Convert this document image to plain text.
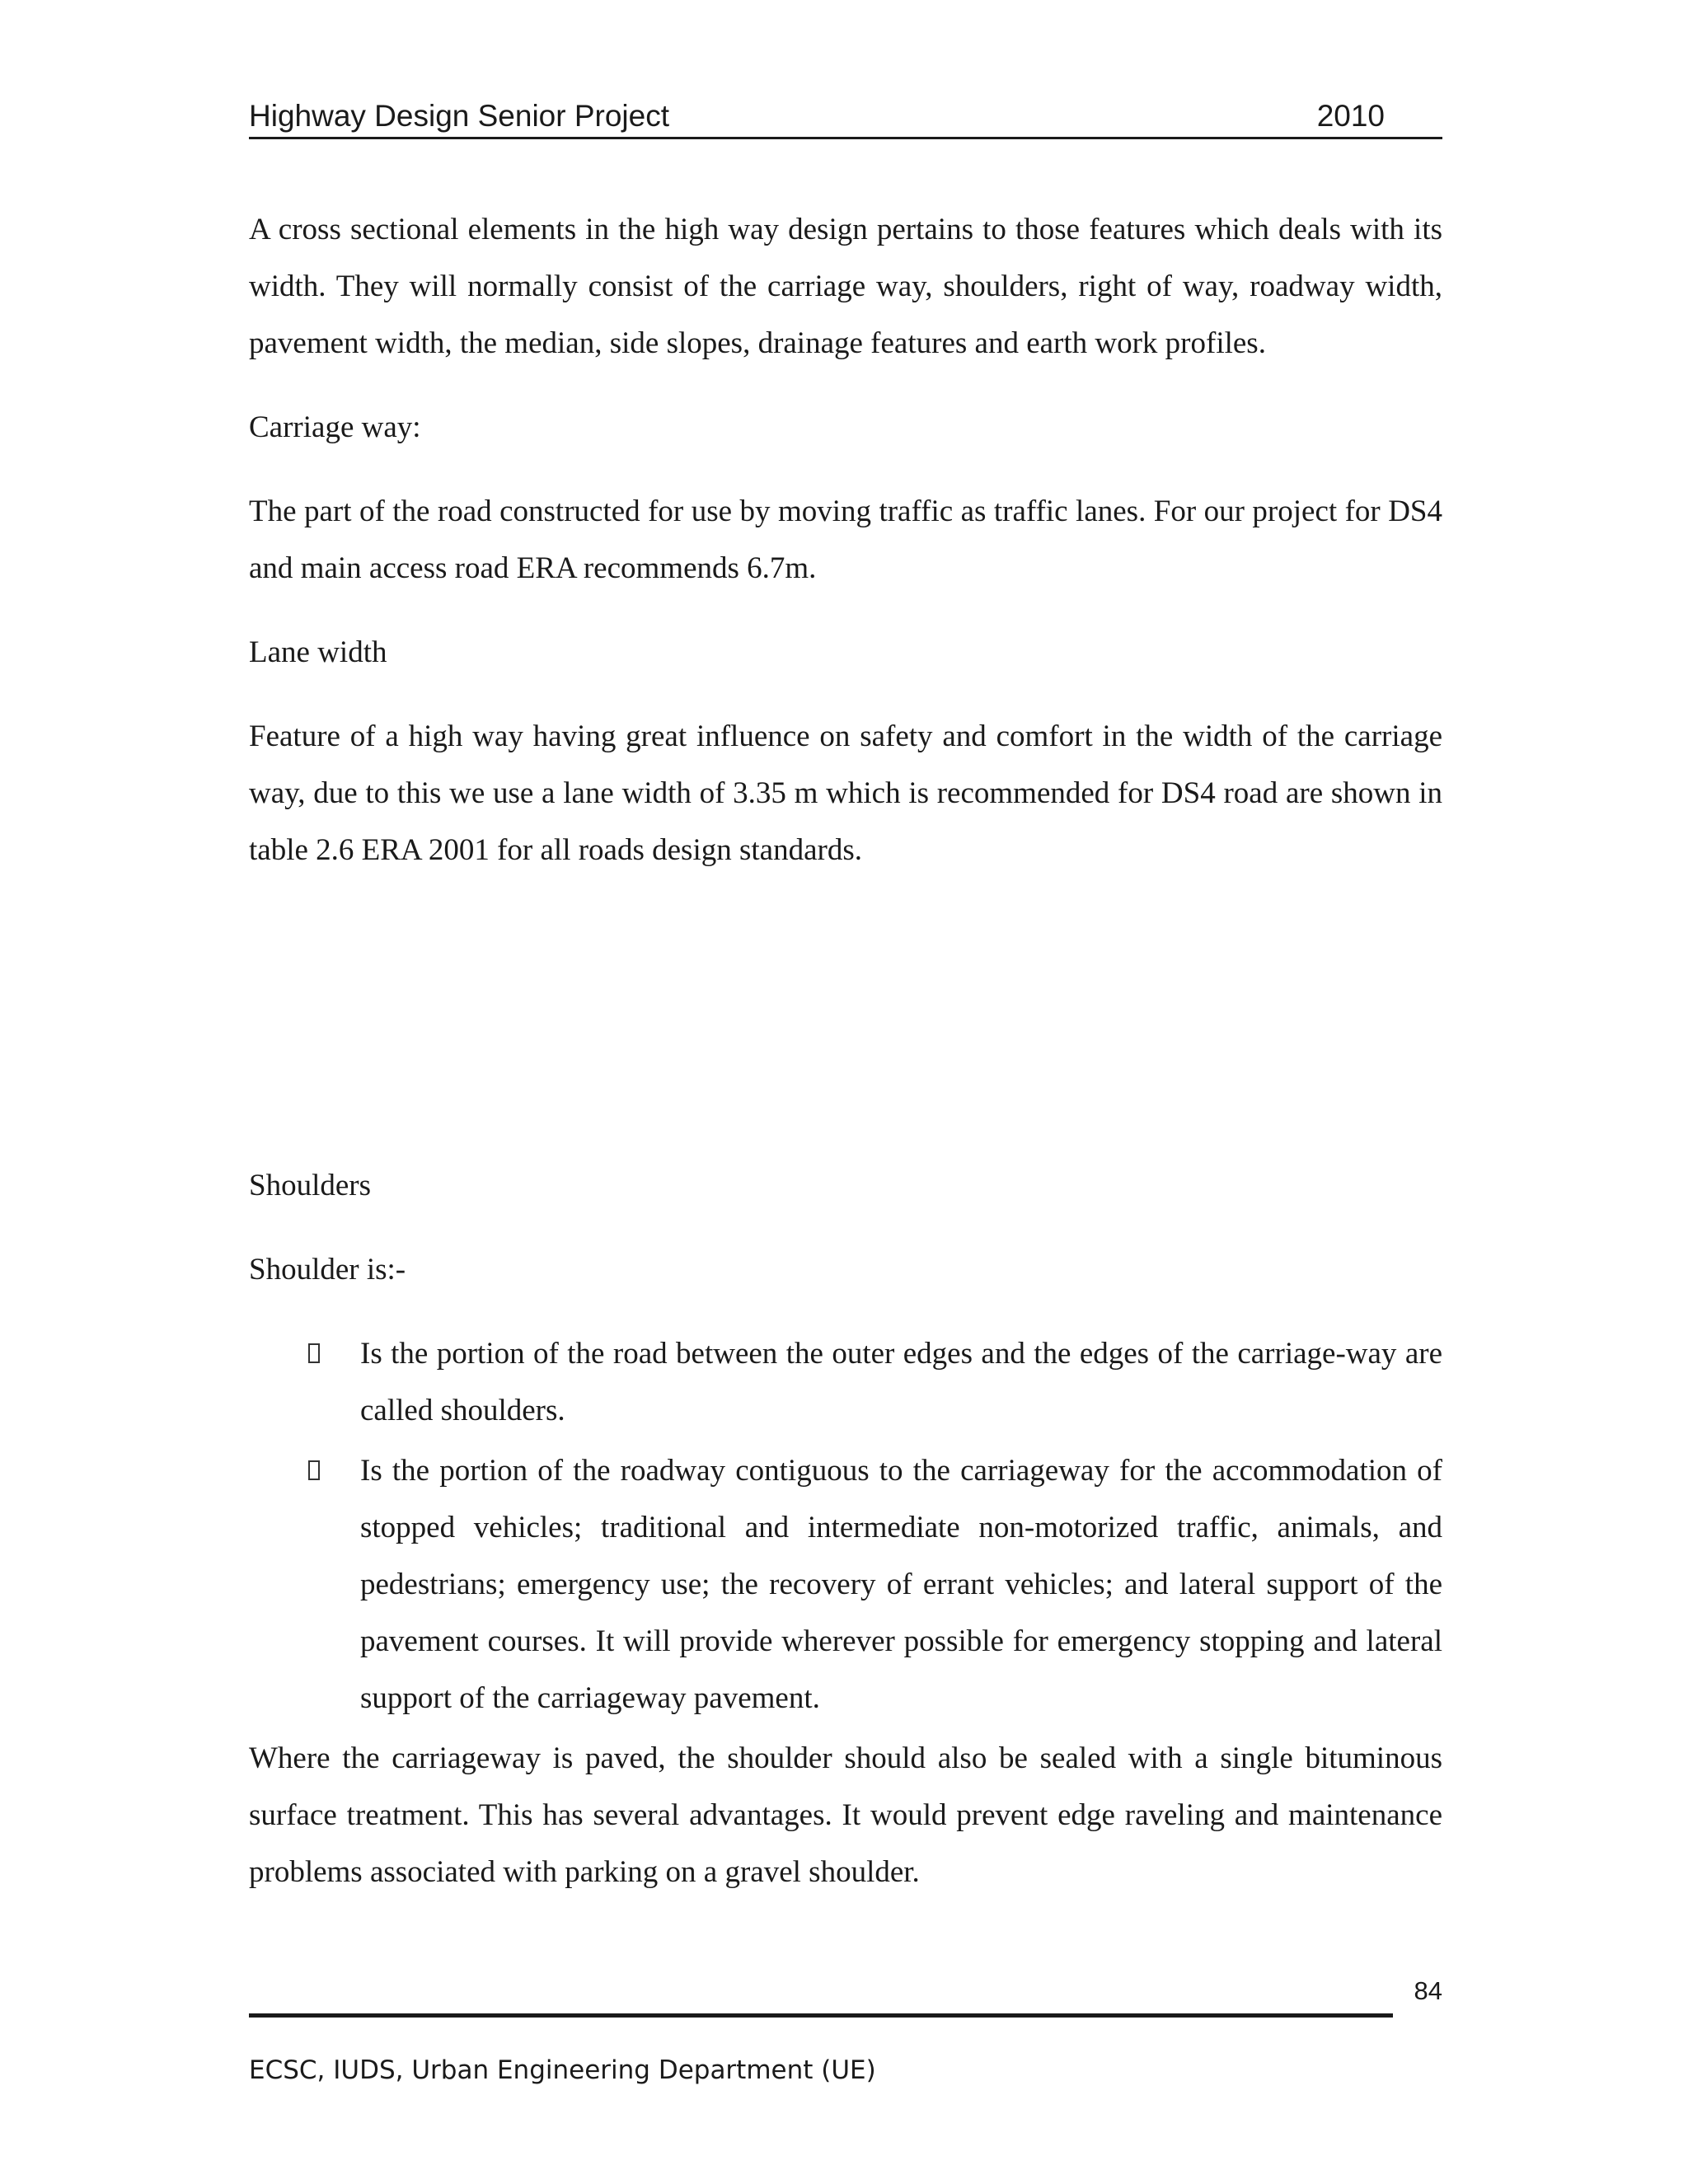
Highway Design Senior Project	2010

A cross sectional elements in the high way design pertains to those features which deals with its width. They will normally consist of the carriage way, shoulders, right of way, roadway width, pavement width, the median, side slopes, drainage features and earth work profiles.

Carriage way:

The part of the road constructed for use by moving traffic as traffic lanes. For our project for DS4 and main access road ERA recommends 6.7m.

Lane width

Feature of a high way having great influence on safety and comfort in the width of the carriage way, due to this we use a lane width of 3.35 m which is recommended for DS4 road are shown in table 2.6 ERA 2001 for all roads design standards.

Shoulders

Shoulder is:-

Is the portion of the road between the outer edges and the edges of the carriage-way are called shoulders.
Is the portion of the roadway contiguous to the carriageway for the accommodation of stopped vehicles; traditional and intermediate non-motorized traffic, animals, and pedestrians; emergency use; the recovery of errant vehicles; and lateral support of the pavement courses. It will provide wherever possible for emergency stopping and lateral support of the carriageway pavement.

Where the carriageway is paved, the shoulder should also be sealed with a single bituminous surface treatment. This has several advantages. It would prevent edge raveling and maintenance problems associated with parking on a gravel shoulder.

84
ECSC, IUDS, Urban Engineering Department (UE)
